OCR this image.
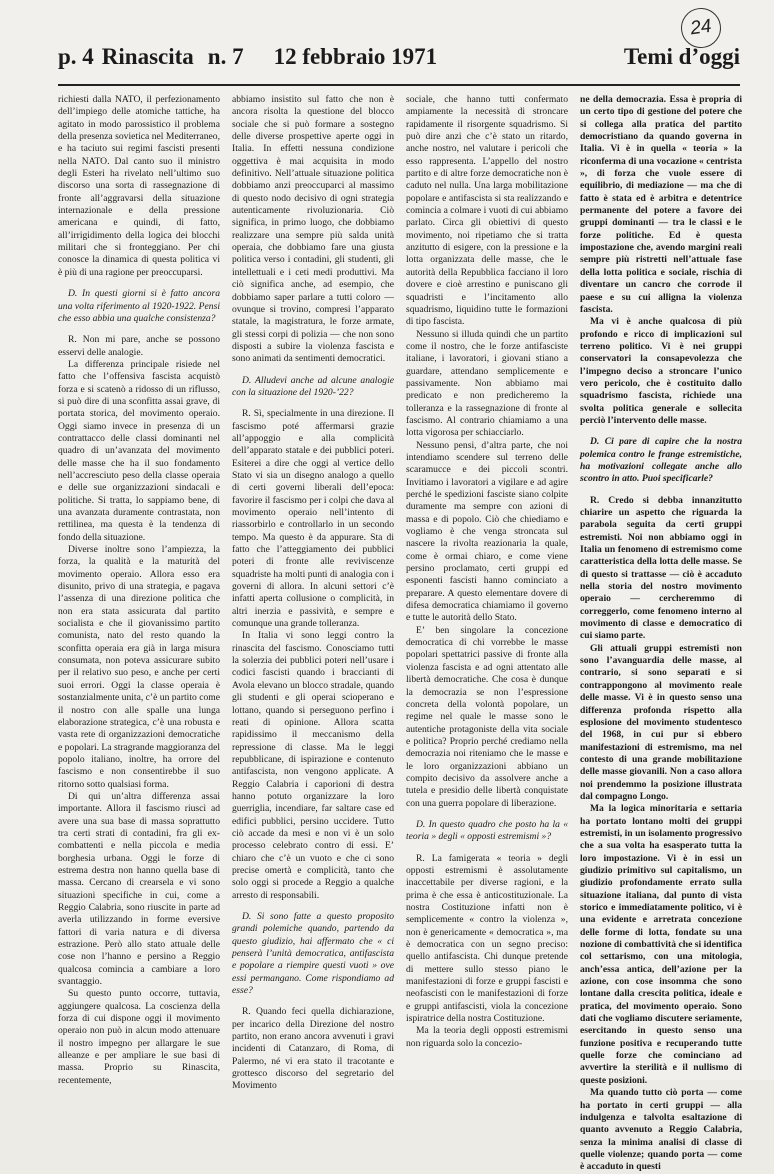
24
p. 4 Rinascita n. 7 12 febbraio 1971	Temi d’oggi

richiesti dalla NATO, il perfezionamento dell’impiego delle atomiche tattiche, ha agitato in modo parossistico il problema della presenza sovietica nel Mediterraneo, e ha taciuto sui regimi fascisti presenti nella NATO. Dal canto suo il ministro degli Esteri ha rivelato nell’ultimo suo discorso una sorta di rassegnazione di fronte all’aggravarsi della situazione internazionale e della pressione americana e quindi, di fatto, all’irrigidimento della logica dei blocchi militari che si fronteggiano. Per chi conosce la dinamica di questa politica vi è più di una ragione per preoccuparsi.

D. In questi giorni si è fatto ancora una volta riferimento al 1920-1922. Pensi che esso abbia una qualche consistenza?

R. Non mi pare, anche se possono esservi delle analogie.

La differenza principale risiede nel fatto che l’offensiva fascista acquistò forza e si scatenò a ridosso di un riflusso, si può dire di una sconfitta assai grave, di portata storica, del movimento operaio. Oggi siamo invece in presenza di un contrattacco delle classi dominanti nel quadro di un’avanzata del movimento delle masse che ha il suo fondamento nell’accresciuto peso della classe operaia e delle sue organizzazioni sindacali e politiche. Si tratta, lo sappiamo bene, di una avanzata duramente contrastata, non rettilinea, ma questa è la tendenza di fondo della situazione.

Diverse inoltre sono l’ampiezza, la forza, la qualità e la maturità del movimento operaio. Allora esso era disunito, privo di una strategia, e pagava l’assenza di una direzione politica che non era stata assicurata dal partito socialista e che il giovanissimo partito comunista, nato del resto quando la sconfitta operaia era già in larga misura consumata, non poteva assicurare subito per il relativo suo peso, e anche per certi suoi errori. Oggi la classe operaia è sostanzialmente unita, c’è un partito come il nostro con alle spalle una lunga elaborazione strategica, c’è una robusta e vasta rete di organizzazioni democratiche e popolari. La stragrande maggioranza del popolo italiano, inoltre, ha orrore del fascismo e non consentirebbe il suo ritorno sotto qualsiasi forma.

Di qui un’altra differenza assai importante. Allora il fascismo riuscì ad avere una sua base di massa soprattutto tra certi strati di contadini, fra gli ex-combattenti e nella piccola e media borghesia urbana. Oggi le forze di estrema destra non hanno quella base di massa. Cercano di crearsela e vi sono situazioni specifiche in cui, come a Reggio Calabria, sono riuscite in parte ad averla utilizzando in forme eversive fattori di varia natura e di diversa estrazione. Però allo stato attuale delle cose non l’hanno e persino a Reggio qualcosa comincia a cambiare a loro svantaggio.

Su questo punto occorre, tuttavia, aggiungere qualcosa. La coscienza della forza di cui dispone oggi il movimento operaio non può in alcun modo attenuare il nostro impegno per allargare le sue alleanze e per ampliare le sue basi di massa. Proprio su Rinascita, recentemente,

abbiamo insistito sul fatto che non è ancora risolta la questione del blocco sociale che si può formare a sostegno delle diverse prospettive aperte oggi in Italia. In effetti nessuna condizione oggettiva è mai acquisita in modo definitivo. Nell’attuale situazione politica dobbiamo anzi preoccuparci al massimo di questo nodo decisivo di ogni strategia autenticamente rivoluzionaria. Ciò significa, in primo luogo, che dobbiamo realizzare una sempre più salda unità operaia, che dobbiamo fare una giusta politica verso i contadini, gli studenti, gli intellettuali e i ceti medi produttivi. Ma ciò significa anche, ad esempio, che dobbiamo saper parlare a tutti coloro — ovunque si trovino, compresi l’apparato statale, la magistratura, le forze armate, gli stessi corpi di polizia — che non sono disposti a subire la violenza fascista e sono animati da sentimenti democratici.

D. Alludevi anche ad alcune analogie con la situazione del 1920-’22?

R. Sì, specialmente in una direzione. Il fascismo poté affermarsi grazie all’appoggio e alla complicità dell’apparato statale e dei pubblici poteri. Esiterei a dire che oggi al vertice dello Stato vi sia un disegno analogo a quello di certi governi liberali dell’epoca: favorire il fascismo per i colpi che dava al movimento operaio nell’intento di riassorbirlo e controllarlo in un secondo tempo. Ma questo è da appurare. Sta di fatto che l’atteggiamento dei pubblici poteri di fronte alle reviviscenze squadriste ha molti punti di analogia con i governi di allora. In alcuni settori c’è infatti aperta collusione o complicità, in altri inerzia e passività, e sempre e comunque una grande tolleranza.

In Italia vi sono leggi contro la rinascita del fascismo. Conosciamo tutti la solerzia dei pubblici poteri nell’usare i codici fascisti quando i braccianti di Avola elevano un blocco stradale, quando gli studenti e gli operai scioperano e lottano, quando si perseguono perfino i reati di opinione. Allora scatta rapidissimo il meccanismo della repressione di classe. Ma le leggi repubblicane, di ispirazione e contenuto antifascista, non vengono applicate. A Reggio Calabria i caporioni di destra hanno potuto organizzare la loro guerriglia, incendiare, far saltare case ed edifici pubblici, persino uccidere. Tutto ciò accade da mesi e non vi è un solo processo celebrato contro di essi. E’ chiaro che c’è un vuoto e che ci sono precise omertà e complicità, tanto che solo oggi si procede a Reggio a qualche arresto di responsabili.

D. Si sono fatte a questo proposito grandi polemiche quando, partendo da questo giudizio, hai affermato che « ci penserà l’unità democratica, antifascista e popolare a riempire questi vuoti » ove essi permangano. Come rispondiamo ad esse?

R. Quando feci quella dichiarazione, per incarico della Direzione del nostro partito, non erano ancora avvenuti i gravi incidenti di Catanzaro, di Roma, di Palermo, né vi era stato il tracotante e grottesco discorso del segretario del Movimento

sociale, che hanno tutti confermato ampiamente la necessità di stroncare rapidamente il risorgente squadrismo. Si può dire anzi che c’è stato un ritardo, anche nostro, nel valutare i pericoli che esso rappresenta. L’appello del nostro partito e di altre forze democratiche non è caduto nel nulla. Una larga mobilitazione popolare e antifascista si sta realizzando e comincia a colmare i vuoti di cui abbiamo parlato. Circa gli obiettivi di questo movimento, noi ripetiamo che si tratta anzitutto di esigere, con la pressione e la lotta organizzata delle masse, che le autorità della Repubblica facciano il loro dovere e cioè arrestino e puniscano gli squadristi e l’incitamento allo squadrismo, liquidino tutte le formazioni di tipo fascista.

Nessuno si illuda quindi che un partito come il nostro, che le forze antifasciste italiane, i lavoratori, i giovani stiano a guardare, attendano semplicemente e passivamente. Non abbiamo mai predicato e non predicheremo la tolleranza e la rassegnazione di fronte al fascismo. Al contrario chiamiamo a una lotta vigorosa per schiacciarlo.

Nessuno pensi, d’altra parte, che noi intendiamo scendere sul terreno delle scaramucce e dei piccoli scontri. Invitiamo i lavoratori a vigilare e ad agire perché le spedizioni fasciste siano colpite duramente ma sempre con azioni di massa e di popolo. Ciò che chiediamo e vogliamo è che venga stroncata sul nascere la rivolta reazionaria la quale, come è ormai chiaro, e come viene persino proclamato, certi gruppi ed esponenti fascisti hanno cominciato a preparare. A questo elementare dovere di difesa democratica chiamiamo il governo e tutte le autorità dello Stato.

E’ ben singolare la concezione democratica di chi vorrebbe le masse popolari spettatrici passive di fronte alla violenza fascista e ad ogni attentato alle libertà democratiche. Che cosa è dunque la democrazia se non l’espressione concreta della volontà popolare, un regime nel quale le masse sono le autentiche protagoniste della vita sociale e politica? Proprio perché crediamo nella democrazia noi riteniamo che le masse e le loro organizzazioni abbiano un compito decisivo da assolvere anche a tutela e presidio delle libertà conquistate con una guerra popolare di liberazione.

D. In questo quadro che posto ha la « teoria » degli « opposti estremismi »?

R. La famigerata « teoria » degli opposti estremismi è assolutamente inaccettabile per diverse ragioni, e la prima è che essa è anticostituzionale. La nostra Costituzione infatti non è semplicemente « contro la violenza », non è genericamente « democratica », ma è democratica con un segno preciso: quello antifascista. Chi dunque pretende di mettere sullo stesso piano le manifestazioni di forze e gruppi fascisti e neofascisti con le manifestazioni di forze e gruppi antifascisti, viola la concezione ispiratrice della nostra Costituzione.

Ma la teoria degli opposti estremismi non riguarda solo la concezio-

ne della democrazia. Essa è propria di un certo tipo di gestione del potere che si collega alla pratica del partito democristiano da quando governa in Italia. Vi è in quella « teoria » la riconferma di una vocazione « centrista », di forza che vuole essere di equilibrio, di mediazione — ma che di fatto è stata ed è arbitra e detentrice permanente del potere a favore dei gruppi dominanti — tra le classi e le forze politiche. Ed è questa impostazione che, avendo margini reali sempre più ristretti nell’attuale fase della lotta politica e sociale, rischia di diventare un cancro che corrode il paese e su cui alligna la violenza fascista.

Ma vi è anche qualcosa di più profondo e ricco di implicazioni sul terreno politico. Vi è nei gruppi conservatori la consapevolezza che l’impegno deciso a stroncare l’unico vero pericolo, che è costituito dallo squadrismo fascista, richiede una svolta politica generale e sollecita perciò l’intervento delle masse.

D. Ci pare di capire che la nostra polemica contro le frange estremistiche, ha motivazioni collegate anche allo scontro in atto. Puoi specificarle?

R. Credo si debba innanzitutto chiarire un aspetto che riguarda la parabola seguita da certi gruppi estremisti. Noi non abbiamo oggi in Italia un fenomeno di estremismo come caratteristica della lotta delle masse. Se di questo si trattasse — ciò è accaduto nella storia del nostro movimento operaio — cercheremmo di correggerlo, come fenomeno interno al movimento di classe e democratico di cui siamo parte.

Gli attuali gruppi estremisti non sono l’avanguardia delle masse, al contrario, si sono separati e si contrappongono al movimento reale delle masse. Vi è in questo senso una differenza profonda rispetto alla esplosione del movimento studentesco del 1968, in cui pur si ebbero manifestazioni di estremismo, ma nel contesto di una grande mobilitazione delle masse giovanili. Non a caso allora noi prendemmo la posizione illustrata dal compagno Longo.

Ma la logica minoritaria e settaria ha portato lontano molti dei gruppi estremisti, in un isolamento progressivo che a sua volta ha esasperato tutta la loro impostazione. Vi è in essi un giudizio primitivo sul capitalismo, un giudizio profondamente errato sulla situazione italiana, dal punto di vista storico e immediatamente politico, vi è una evidente e arretrata concezione delle forme di lotta, fondate su una nozione di combattività che si identifica col settarismo, con una mitologia, anch’essa antica, dell’azione per la azione, con cose insomma che sono lontane dalla crescita politica, ideale e pratica, del movimento operaio. Sono dati che vogliamo discutere seriamente, esercitando in questo senso una funzione positiva e recuperando tutte quelle forze che cominciano ad avvertire la sterilità e il nullismo di queste posizioni.

Ma quando tutto ciò porta — come ha portato in certi gruppi — alla indulgenza e talvolta esaltazione di quanto avvenuto a Reggio Calabria, senza la minima analisi di classe di quelle violenze; quando porta — come è accaduto in questi
